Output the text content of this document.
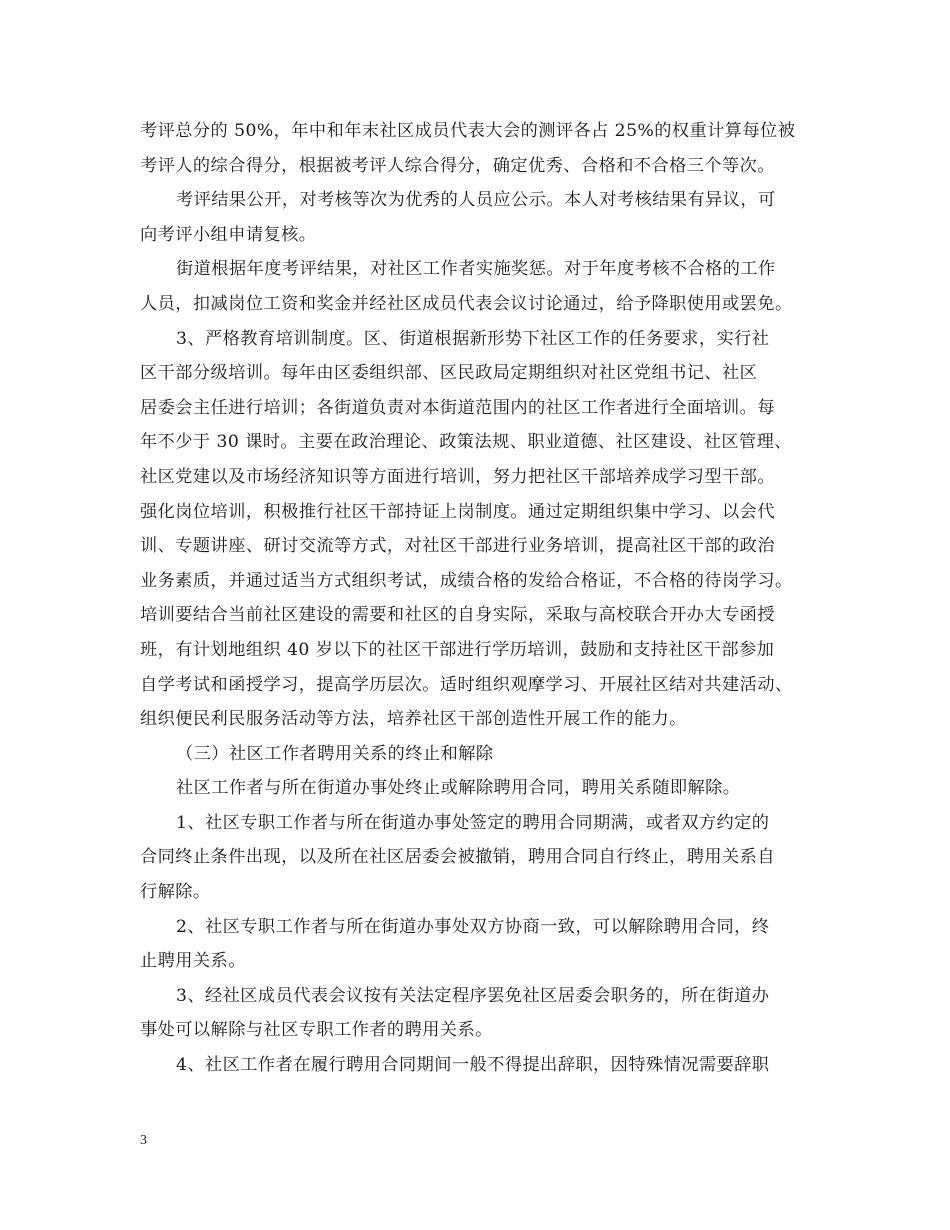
考评总分的 50%，年中和年末社区成员代表大会的测评各占 25%的权重计算每位被
考评人的综合得分，根据被考评人综合得分，确定优秀、合格和不合格三个等次。
考评结果公开，对考核等次为优秀的人员应公示。本人对考核结果有异议，可
向考评小组申请复核。
街道根据年度考评结果，对社区工作者实施奖惩。对于年度考核不合格的工作
人员，扣减岗位工资和奖金并经社区成员代表会议讨论通过，给予降职使用或罢免。
3、严格教育培训制度。区、街道根据新形势下社区工作的任务要求，实行社
区干部分级培训。每年由区委组织部、区民政局定期组织对社区党组书记、社区
居委会主任进行培训；各街道负责对本街道范围内的社区工作者进行全面培训。每
年不少于 30 课时。主要在政治理论、政策法规、职业道德、社区建设、社区管理、
社区党建以及市场经济知识等方面进行培训，努力把社区干部培养成学习型干部。
强化岗位培训，积极推行社区干部持证上岗制度。通过定期组织集中学习、以会代
训、专题讲座、研讨交流等方式，对社区干部进行业务培训，提高社区干部的政治
业务素质，并通过适当方式组织考试，成绩合格的发给合格证，不合格的待岗学习。
培训要结合当前社区建设的需要和社区的自身实际，采取与高校联合开办大专函授
班，有计划地组织 40 岁以下的社区干部进行学历培训，鼓励和支持社区干部参加
自学考试和函授学习，提高学历层次。适时组织观摩学习、开展社区结对共建活动、
组织便民利民服务活动等方法，培养社区干部创造性开展工作的能力。
（三）社区工作者聘用关系的终止和解除
社区工作者与所在街道办事处终止或解除聘用合同，聘用关系随即解除。
1、社区专职工作者与所在街道办事处签定的聘用合同期满，或者双方约定的
合同终止条件出现，以及所在社区居委会被撤销，聘用合同自行终止，聘用关系自
行解除。
2、社区专职工作者与所在街道办事处双方协商一致，可以解除聘用合同，终
止聘用关系。
3、经社区成员代表会议按有关法定程序罢免社区居委会职务的，所在街道办
事处可以解除与社区专职工作者的聘用关系。
4、社区工作者在履行聘用合同期间一般不得提出辞职，因特殊情况需要辞职
3
